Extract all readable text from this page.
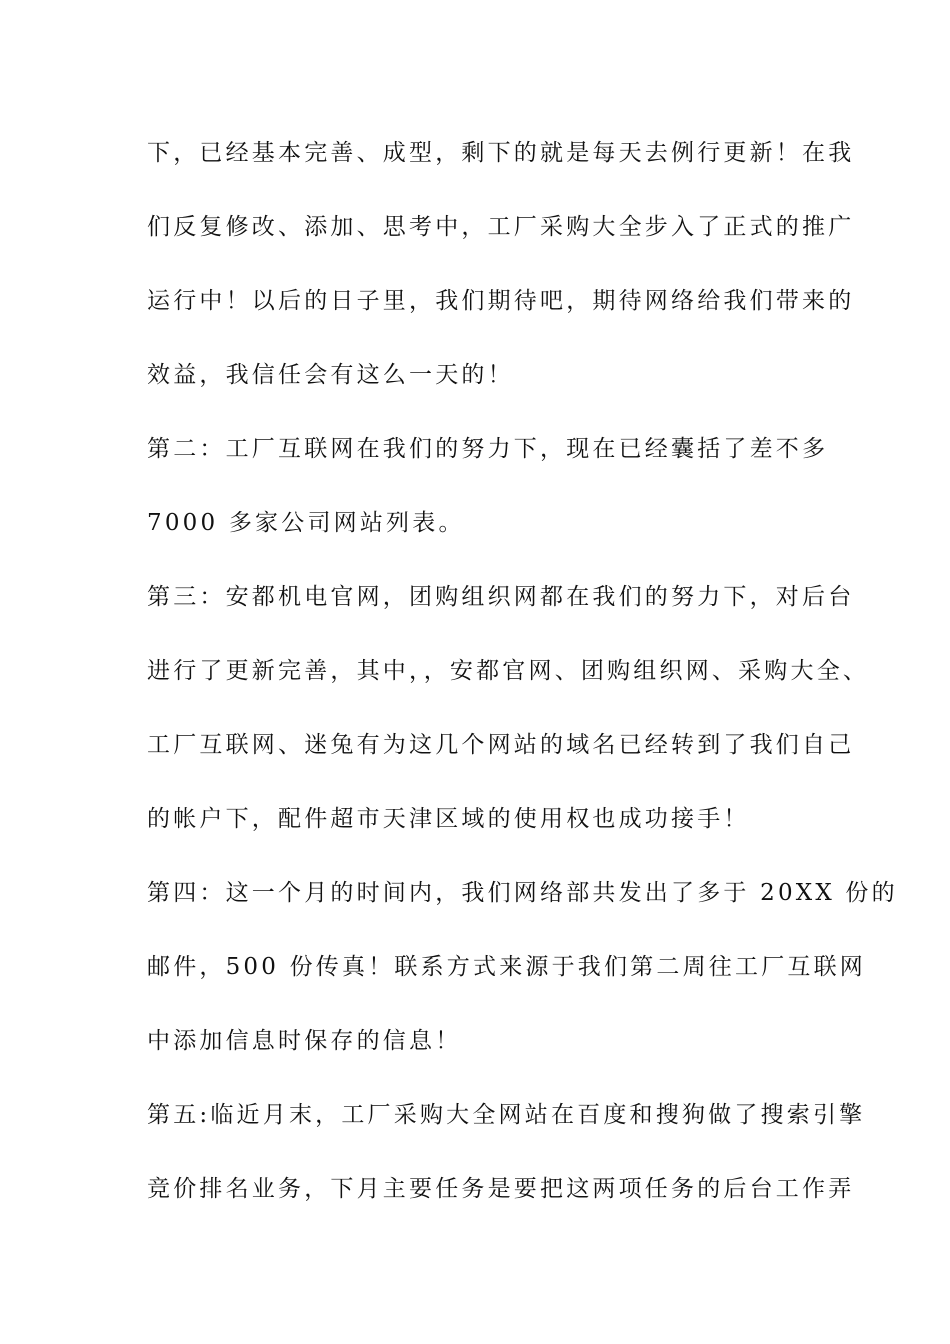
下，已经基本完善、成型，剩下的就是每天去例行更新！在我
们反复修改、添加、思考中，工厂采购大全步入了正式的推广
运行中！以后的日子里，我们期待吧，期待网络给我们带来的
效益，我信任会有这么一天的！
第二：工厂互联网在我们的努力下，现在已经囊括了差不多
7000 多家公司网站列表。
第三：安都机电官网，团购组织网都在我们的努力下，对后台
进行了更新完善，其中，，安都官网、团购组织网、采购大全、
工厂互联网、迷兔有为这几个网站的域名已经转到了我们自己
的帐户下，配件超市天津区域的使用权也成功接手！
第四：这一个月的时间内，我们网络部共发出了多于 20XX 份的
邮件，500 份传真！联系方式来源于我们第二周往工厂互联网
中添加信息时保存的信息！
第五:临近月末，工厂采购大全网站在百度和搜狗做了搜索引擎
竞价排名业务，下月主要任务是要把这两项任务的后台工作弄
